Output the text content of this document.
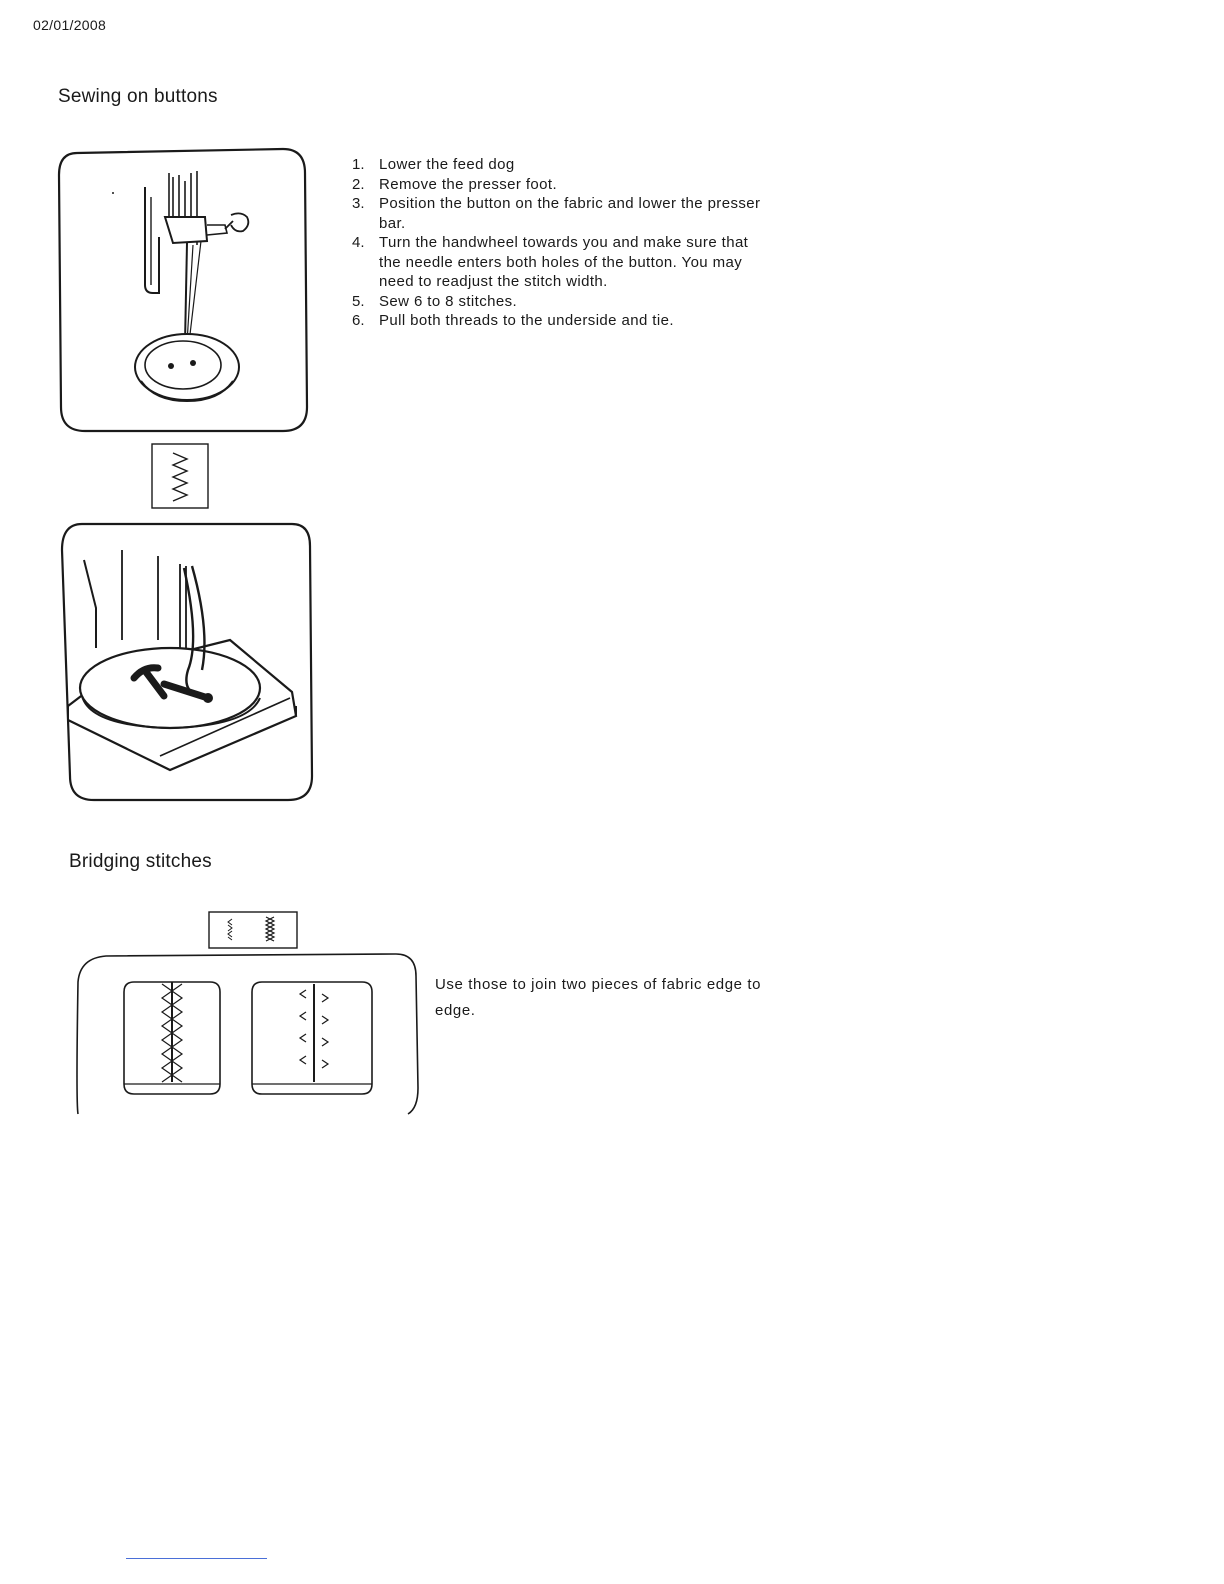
02/01/2008
Sewing on buttons
1. Lower the feed dog
2. Remove the presser foot.
3. Position the button on the fabric and lower the presser bar.
4. Turn the handwheel towards you and make sure that the needle enters both holes of the button. You may need to readjust the stitch width.
5. Sew 6 to 8 stitches.
6. Pull both threads to the underside and tie.
Bridging stitches
Use those to join two pieces of fabric edge to edge.
